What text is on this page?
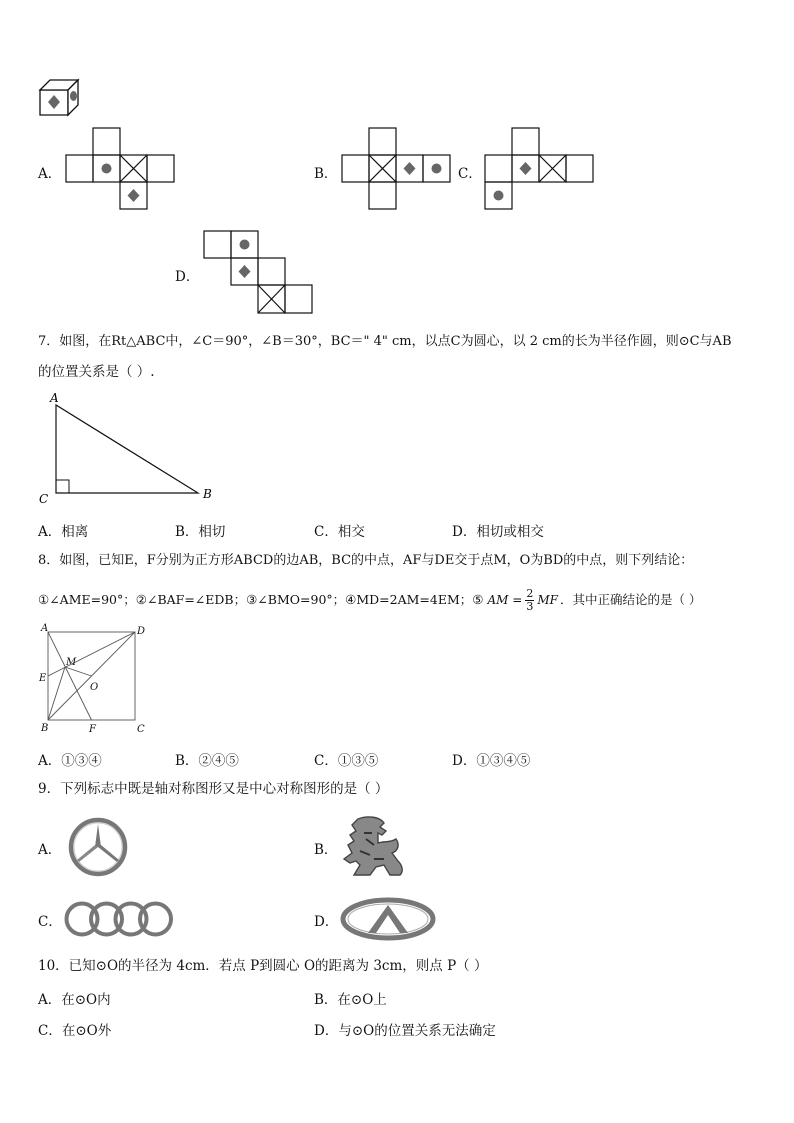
A．	B．	C．
D．
7．如图，在Rt△ABC中，∠C＝90°，∠B＝30°，BC＝" 4" cm，以点C为圆心，以 2 cm的长为半径作圆，则⊙C与AB
的位置关系是（ ）.
A
C	B
A．相离	B．相切	C．相交	D．相切或相交
8．如图，已知E，F分别为正方形ABCD的边AB，BC的中点，AF与DE交于点M，O为BD的中点，则下列结论：
①∠AME=90°；②∠BAF=∠EDB；③∠BMO=90°；④MD=2AM=4EM；⑤ AM = $\frac{2}{3}$ MF ．其中正确结论的是（ ）
A	D
B	C
E
F
M
O
A．①③④	B．②④⑤	C．①③⑤	D．①③④⑤
9．下列标志中既是轴对称图形又是中心对称图形的是（ ）
A．	B．
C．	D．
10．已知⊙O的半径为 4cm．若点 P到圆心 O的距离为 3cm，则点 P（ ）
A．在⊙O内	B．在⊙O上
C．在⊙O外	D．与⊙O的位置关系无法确定
